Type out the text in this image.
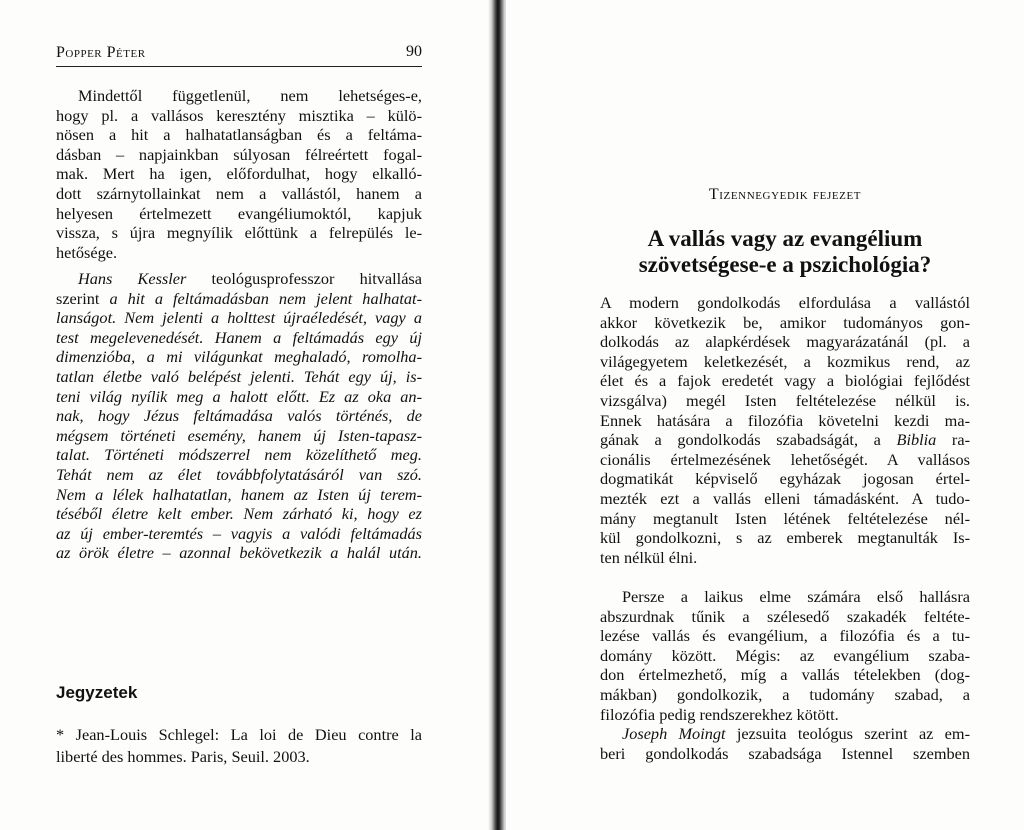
Popper Péter	90
Mindettől függetlenül, nem lehetséges-e,
hogy pl. a vallásos keresztény misztika – külö-
nösen a hit a halhatatlanságban és a feltáma-
dásban – napjainkban súlyosan félreértett fogal-
mak. Mert ha igen, előfordulhat, hogy elkalló-
dott szárnytollainkat nem a vallástól, hanem a
helyesen értelmezett evangéliumoktól, kapjuk
vissza, s újra megnyílik előttünk a felrepülés le-
hetősége.
Hans Kessler teológusprofesszor hitvallása
szerint a hit a feltámadásban nem jelent halhatat-
lanságot. Nem jelenti a holttest újraéledését, vagy a
test megelevenedését. Hanem a feltámadás egy új
dimenzióba, a mi világunkat meghaladó, romolha-
tatlan életbe való belépést jelenti. Tehát egy új, is-
teni világ nyílik meg a halott előtt. Ez az oka an-
nak, hogy Jézus feltámadása valós történés, de
mégsem történeti esemény, hanem új Isten-tapasz-
talat. Történeti módszerrel nem közelíthető meg.
Tehát nem az élet továbbfolytatásáról van szó.
Nem a lélek halhatatlan, hanem az Isten új terem-
téséből életre kelt ember. Nem zárható ki, hogy ez
az új ember-teremtés – vagyis a valódi feltámadás
az örök életre – azonnal bekövetkezik a halál után.
Jegyzetek
* Jean-Louis Schlegel: La loi de Dieu contre la
liberté des hommes. Paris, Seuil. 2003.
Tizennegyedik fejezet
A vallás vagy az evangélium
szövetségese-e a pszichológia?
A modern gondolkodás elfordulása a vallástól
akkor következik be, amikor tudományos gon-
dolkodás az alapkérdések magyarázatánál (pl. a
világegyetem keletkezését, a kozmikus rend, az
élet és a fajok eredetét vagy a biológiai fejlődést
vizsgálva) megél Isten feltételezése nélkül is.
Ennek hatására a filozófia követelni kezdi ma-
gának a gondolkodás szabadságát, a Biblia ra-
cionális értelmezésének lehetőségét. A vallásos
dogmatikát képviselő egyházak jogosan értel-
mezték ezt a vallás elleni támadásként. A tudo-
mány megtanult Isten létének feltételezése nél-
kül gondolkozni, s az emberek megtanulták Is-
ten nélkül élni.
Persze a laikus elme számára első hallásra
abszurdnak tűnik a szélesedő szakadék feltéte-
lezése vallás és evangélium, a filozófia és a tu-
domány között. Mégis: az evangélium szaba-
don értelmezhető, míg a vallás tételekben (dog-
mákban) gondolkozik, a tudomány szabad, a
filozófia pedig rendszerekhez kötött.
Joseph Moingt jezsuita teológus szerint az em-
beri gondolkodás szabadsága Istennel szemben
